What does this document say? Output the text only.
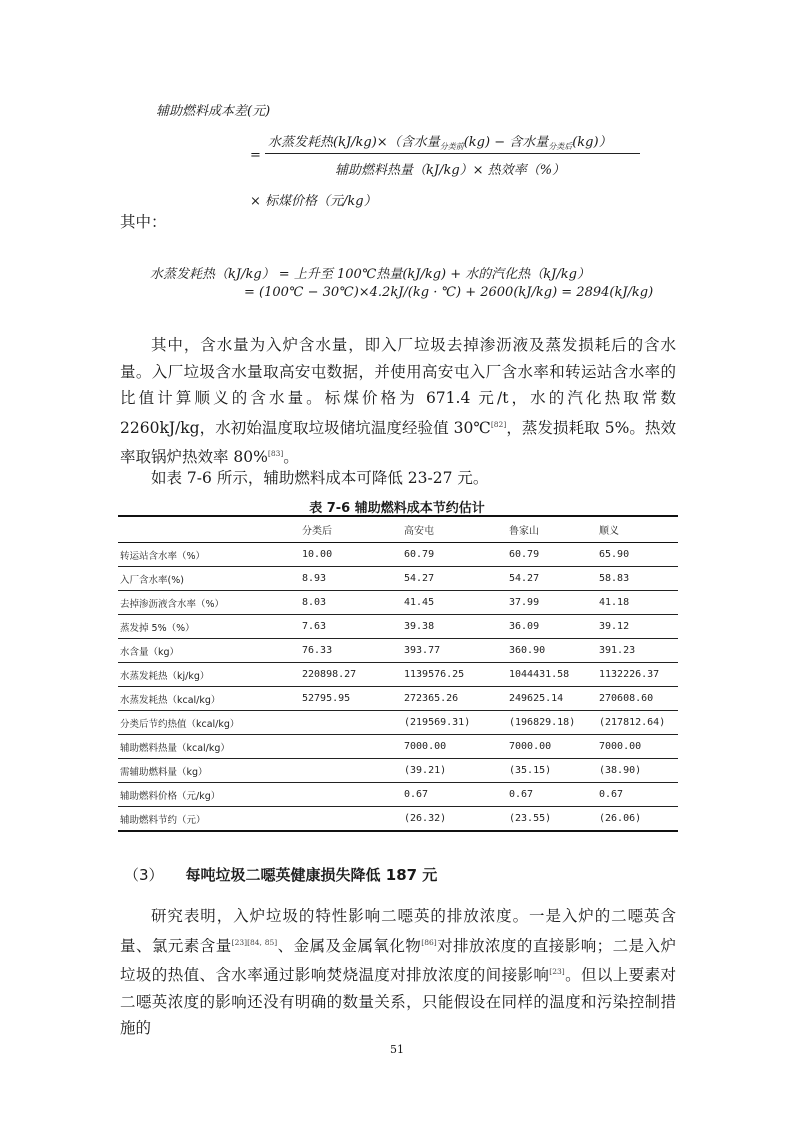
辅助燃料成本差(元)
=
水蒸发耗热(kJ/kg)×（含水量$_{分类前}$(kg) − 含水量$_{分类后}$(kg)）
辅助燃料热量（kJ/kg）× 热效率（%）
× 标煤价格（元/kg）
其中：
水蒸发耗热（kJ/kg） = 上升至 100℃热量(kJ/kg) + 水的汽化热（kJ/kg）
= (100℃ − 30℃)×4.2kJ/(kg · ℃) + 2600(kJ/kg) = 2894(kJ/kg)

其中，含水量为入炉含水量，即入厂垃圾去掉渗沥液及蒸发损耗后的含水量。入厂垃圾含水量取高安屯数据，并使用高安屯入厂含水率和转运站含水率的比值计算顺义的含水量。标煤价格为 671.4 元/t，水的汽化热取常数 2260kJ/kg，水初始温度取垃圾储坑温度经验值 30℃[82]，蒸发损耗取 5%。热效率取锅炉热效率 80%[83]。

如表 7-6 所示，辅助燃料成本可降低 23-27 元。

表 7-6 辅助燃料成本节约估计
	分类后	高安屯	鲁家山	顺义
转运站含水率（%）	10.00	60.79	60.79	65.90
入厂含水率(%)	8.93	54.27	54.27	58.83
去掉渗沥液含水率（%）	8.03	41.45	37.99	41.18
蒸发掉 5%（%）	7.63	39.38	36.09	39.12
水含量（kg）	76.33	393.77	360.90	391.23
水蒸发耗热（kj/kg）	220898.27	1139576.25	1044431.58	1132226.37
水蒸发耗热（kcal/kg）	52795.95	272365.26	249625.14	270608.60
分类后节约热值（kcal/kg）		(219569.31)	(196829.18)	(217812.64)
辅助燃料热量（kcal/kg）		7000.00	7000.00	7000.00
需辅助燃料量（kg）		(39.21)	(35.15)	(38.90)
辅助燃料价格（元/kg）		0.67	0.67	0.67
辅助燃料节约（元）		(26.32)	(23.55)	(26.06)
（3） 每吨垃圾二噁英健康损失降低 187 元

研究表明，入炉垃圾的特性影响二噁英的排放浓度。一是入炉的二噁英含量、氯元素含量[23][84, 85]、金属及金属氧化物[86]对排放浓度的直接影响；二是入炉垃圾的热值、含水率通过影响焚烧温度对排放浓度的间接影响[23]。但以上要素对二噁英浓度的影响还没有明确的数量关系，只能假设在同样的温度和污染控制措施的

51
